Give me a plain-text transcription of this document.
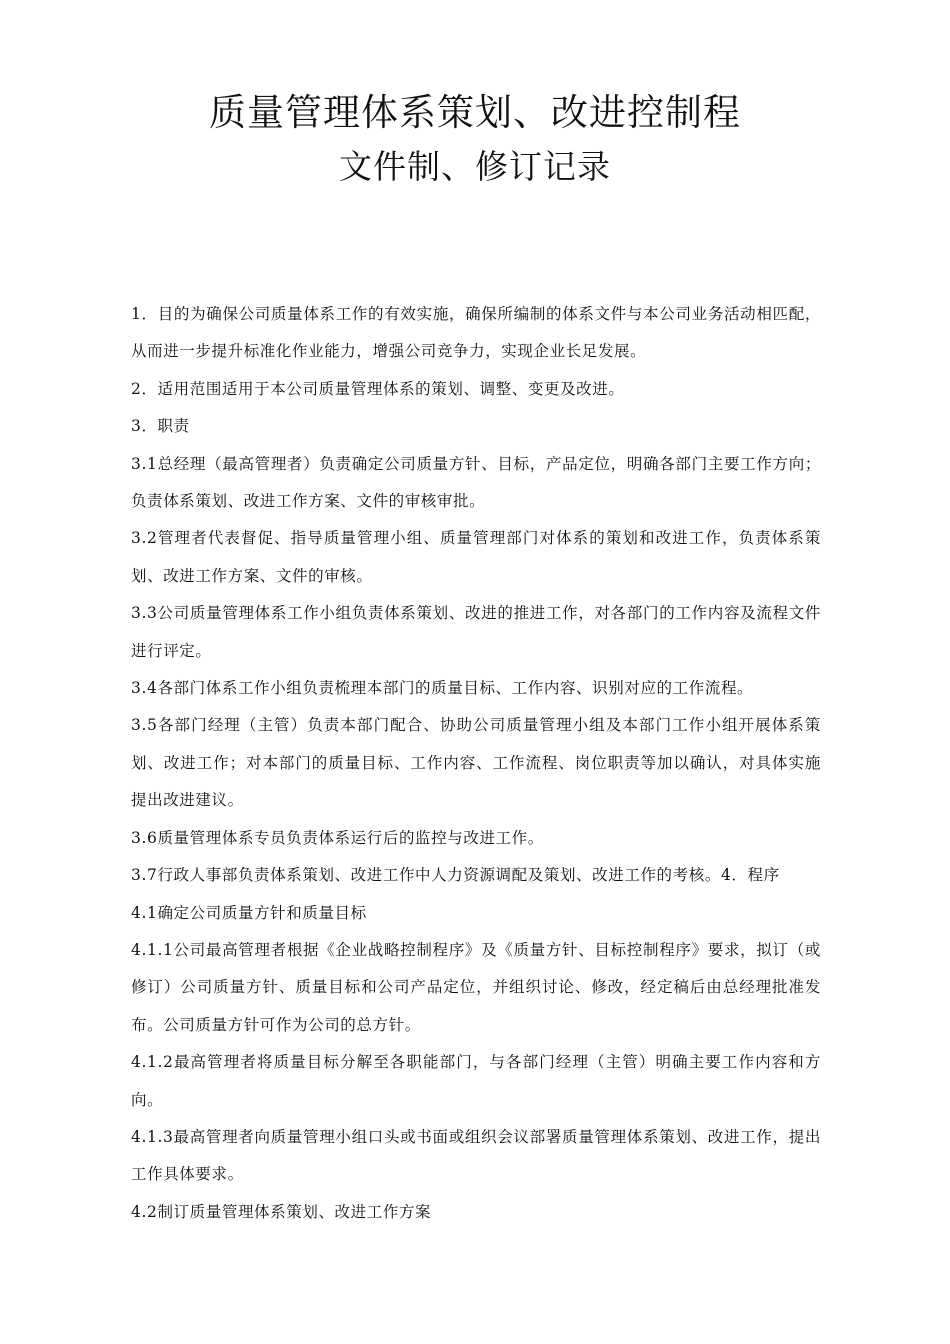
质量管理体系策划、改进控制程
文件制、修订记录

1．目的为确保公司质量体系工作的有效实施，确保所编制的体系文件与本公司业务活动相匹配，从而进一步提升标准化作业能力，增强公司竞争力，实现企业长足发展。

2．适用范围适用于本公司质量管理体系的策划、调整、变更及改进。

3．职责

3.1总经理（最高管理者）负责确定公司质量方针、目标，产品定位，明确各部门主要工作方向；负责体系策划、改进工作方案、文件的审核审批。

3.2管理者代表督促、指导质量管理小组、质量管理部门对体系的策划和改进工作，负责体系策划、改进工作方案、文件的审核。

3.3公司质量管理体系工作小组负责体系策划、改进的推进工作，对各部门的工作内容及流程文件进行评定。

3.4各部门体系工作小组负责梳理本部门的质量目标、工作内容、识别对应的工作流程。

3.5各部门经理（主管）负责本部门配合、协助公司质量管理小组及本部门工作小组开展体系策划、改进工作；对本部门的质量目标、工作内容、工作流程、岗位职责等加以确认，对具体实施提出改进建议。

3.6质量管理体系专员负责体系运行后的监控与改进工作。

3.7行政人事部负责体系策划、改进工作中人力资源调配及策划、改进工作的考核。4．程序

4.1确定公司质量方针和质量目标

4.1.1公司最高管理者根据《企业战略控制程序》及《质量方针、目标控制程序》要求，拟订（或修订）公司质量方针、质量目标和公司产品定位，并组织讨论、修改，经定稿后由总经理批准发布。公司质量方针可作为公司的总方针。

4.1.2最高管理者将质量目标分解至各职能部门，与各部门经理（主管）明确主要工作内容和方向。

4.1.3最高管理者向质量管理小组口头或书面或组织会议部署质量管理体系策划、改进工作，提出工作具体要求。

4.2制订质量管理体系策划、改进工作方案
